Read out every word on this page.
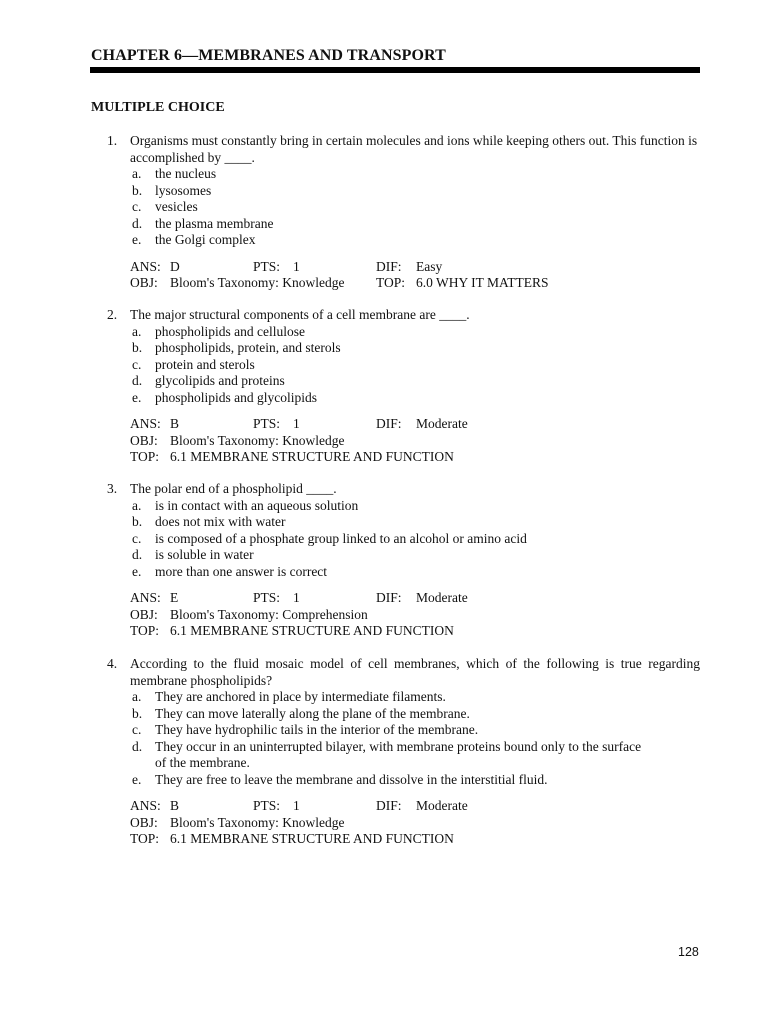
CHAPTER 6—MEMBRANES AND TRANSPORT
MULTIPLE CHOICE
1. Organisms must constantly bring in certain molecules and ions while keeping others out. This function is accomplished by ____.
a.	the nucleus
b. lysosomes
c.	vesicles
d. the plasma membrane
e.	the Golgi complex
ANS: D	PTS: 1	DIF: Easy
OBJ: Bloom's Taxonomy: Knowledge TOP: 6.0 WHY IT MATTERS
2. The major structural components of a cell membrane are ____.
a.	phospholipids and cellulose
b. phospholipids, protein, and sterols
c.	protein and sterols
d. glycolipids and proteins
e.	phospholipids and glycolipids
ANS: B	PTS: 1	DIF: Moderate
OBJ: Bloom's Taxonomy: Knowledge
TOP: 6.1 MEMBRANE STRUCTURE AND FUNCTION
3. The polar end of a phospholipid ____.
a.	is in contact with an aqueous solution
b. does not mix with water
c.	is composed of a phosphate group linked to an alcohol or amino acid
d. is soluble in water
e.	more than one answer is correct
ANS: E	PTS: 1	DIF: Moderate
OBJ: Bloom's Taxonomy: Comprehension
TOP: 6.1 MEMBRANE STRUCTURE AND FUNCTION
4. According to the fluid mosaic model of cell membranes, which of the following is true regarding membrane phospholipids?
a.	They are anchored in place by intermediate filaments.
b. They can move laterally along the plane of the membrane.
c.	They have hydrophilic tails in the interior of the membrane.
d. They occur in an uninterrupted bilayer, with membrane proteins bound only to the surface of the membrane.
e.	They are free to leave the membrane and dissolve in the interstitial fluid.
ANS: B	PTS: 1	DIF: Moderate
OBJ: Bloom's Taxonomy: Knowledge
TOP: 6.1 MEMBRANE STRUCTURE AND FUNCTION
128
